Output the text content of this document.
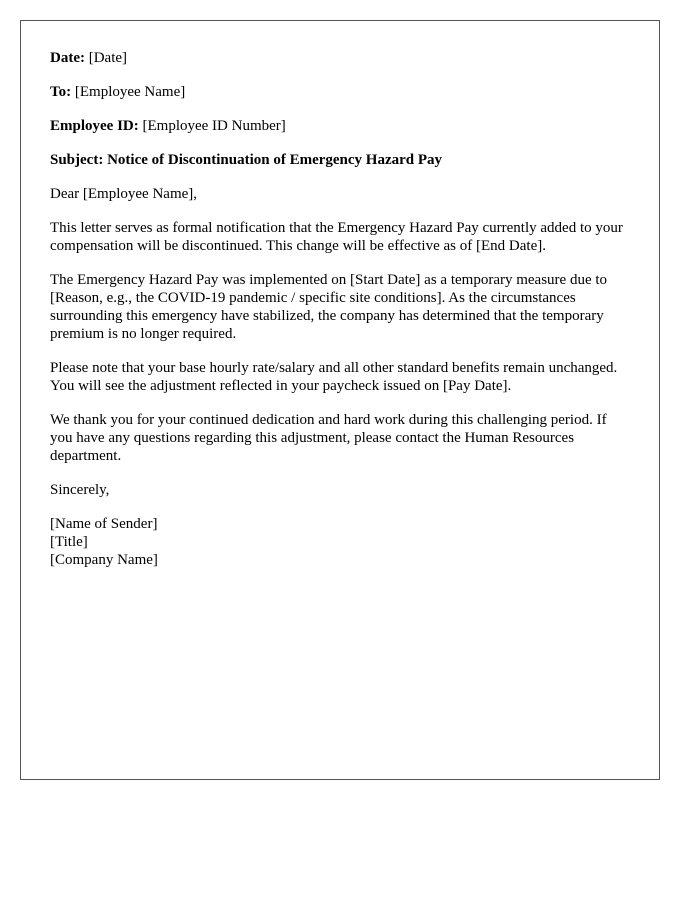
Date: [Date]

To: [Employee Name]

Employee ID: [Employee ID Number]

Subject: Notice of Discontinuation of Emergency Hazard Pay

Dear [Employee Name],

This letter serves as formal notification that the Emergency Hazard Pay currently added to your compensation will be discontinued. This change will be effective as of [End Date].

The Emergency Hazard Pay was implemented on [Start Date] as a temporary measure due to [Reason, e.g., the COVID-19 pandemic / specific site conditions]. As the circumstances surrounding this emergency have stabilized, the company has determined that the temporary premium is no longer required.

Please note that your base hourly rate/salary and all other standard benefits remain unchanged. You will see the adjustment reflected in your paycheck issued on [Pay Date].

We thank you for your continued dedication and hard work during this challenging period. If you have any questions regarding this adjustment, please contact the Human Resources department.

Sincerely,

[Name of Sender]
[Title]
[Company Name]
